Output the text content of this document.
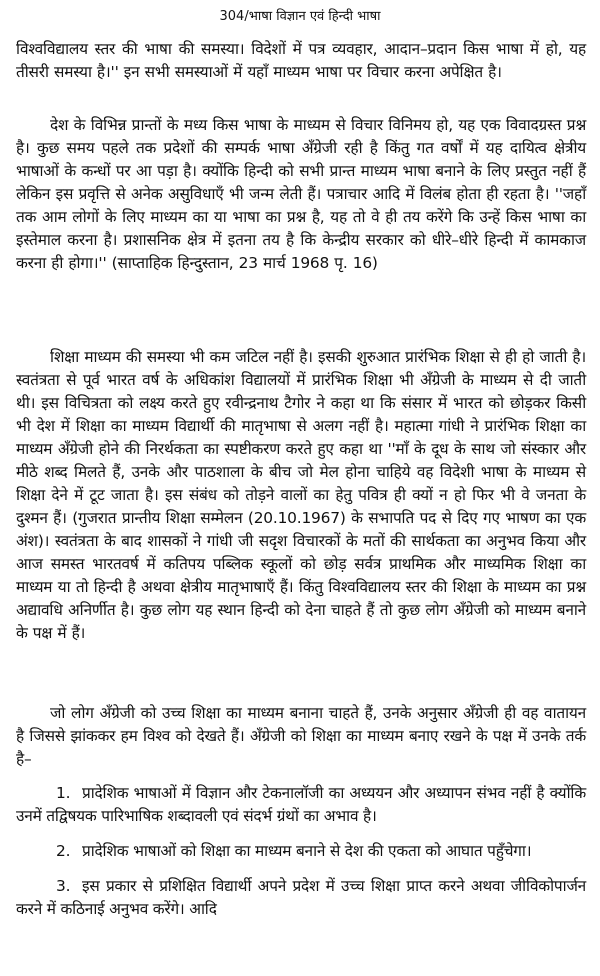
304/भाषा विज्ञान एवं हिन्दी भाषा

विश्वविद्यालय स्तर की भाषा की समस्या। विदेशों में पत्र व्यवहार, आदान–प्रदान किस भाषा में हो, यह तीसरी समस्या है।'' इन सभी समस्याओं में यहाँ माध्यम भाषा पर विचार करना अपेक्षित है।

देश के विभिन्न प्रान्तों के मध्य किस भाषा के माध्यम से विचार विनिमय हो, यह एक विवादग्रस्त प्रश्न है। कुछ समय पहले तक प्रदेशों की सम्पर्क भाषा अँग्रेजी रही है किंतु गत वर्षों में यह दायित्व क्षेत्रीय भाषाओं के कन्धों पर आ पड़ा है। क्योंकि हिन्दी को सभी प्रान्त माध्यम भाषा बनाने के लिए प्रस्तुत नहीं हैं लेकिन इस प्रवृत्ति से अनेक असुविधाएँ भी जन्म लेती हैं। पत्राचार आदि में विलंब होता ही रहता है। ''जहाँ तक आम लोगों के लिए माध्यम का या भाषा का प्रश्न है, यह तो वे ही तय करेंगे कि उन्हें किस भाषा का इस्तेमाल करना है। प्रशासनिक क्षेत्र में इतना तय है कि केन्द्रीय सरकार को धीरे–धीरे हिन्दी में कामकाज करना ही होगा।'' (साप्ताहिक हिन्दुस्तान, 23 मार्च 1968 पृ. 16)

शिक्षा माध्यम की समस्या भी कम जटिल नहीं है। इसकी शुरुआत प्रारंभिक शिक्षा से ही हो जाती है। स्वतंत्रता से पूर्व भारत वर्ष के अधिकांश विद्यालयों में प्रारंभिक शिक्षा भी अँग्रेजी के माध्यम से दी जाती थी। इस विचित्रता को लक्ष्य करते हुए रवीन्द्रनाथ टैगोर ने कहा था कि संसार में भारत को छोड़कर किसी भी देश में शिक्षा का माध्यम विद्यार्थी की मातृभाषा से अलग नहीं है। महात्मा गांधी ने प्रारंभिक शिक्षा का माध्यम अँग्रेजी होने की निरर्थकता का स्पष्टीकरण करते हुए कहा था ''माँ के दूध के साथ जो संस्कार और मीठे शब्द मिलते हैं, उनके और पाठशाला के बीच जो मेल होना चाहिये वह विदेशी भाषा के माध्यम से शिक्षा देने में टूट जाता है। इस संबंध को तोड़ने वालों का हेतु पवित्र ही क्यों न हो फिर भी वे जनता के दुश्मन हैं। (गुजरात प्रान्तीय शिक्षा सम्मेलन (20.10.1967) के सभापति पद से दिए गए भाषण का एक अंश)। स्वतंत्रता के बाद शासकों ने गांधी जी सदृश विचारकों के मतों की सार्थकता का अनुभव किया और आज समस्त भारतवर्ष में कतिपय पब्लिक स्कूलों को छोड़ सर्वत्र प्राथमिक और माध्यमिक शिक्षा का माध्यम या तो हिन्दी है अथवा क्षेत्रीय मातृभाषाएँ हैं। किंतु विश्वविद्यालय स्तर की शिक्षा के माध्यम का प्रश्न अद्यावधि अनिर्णीत है। कुछ लोग यह स्थान हिन्दी को देना चाहते हैं तो कुछ लोग अँग्रेजी को माध्यम बनाने के पक्ष में हैं।

जो लोग अँग्रेजी को उच्च शिक्षा का माध्यम बनाना चाहते हैं, उनके अनुसार अँग्रेजी ही वह वातायन है जिससे झांककर हम विश्व को देखते हैं। अँग्रेजी को शिक्षा का माध्यम बनाए रखने के पक्ष में उनके तर्क है–

1. प्रादेशिक भाषाओं में विज्ञान और टेकनालॉजी का अध्ययन और अध्यापन संभव नहीं है क्योंकि उनमें तद्विषयक पारिभाषिक शब्दावली एवं संदर्भ ग्रंथों का अभाव है।
2. प्रादेशिक भाषाओं को शिक्षा का माध्यम बनाने से देश की एकता को आघात पहुँचेगा।
3. इस प्रकार से प्रशिक्षित विद्यार्थी अपने प्रदेश में उच्च शिक्षा प्राप्त करने अथवा जीविकोपार्जन करने में कठिनाई अनुभव करेंगे। आदि
